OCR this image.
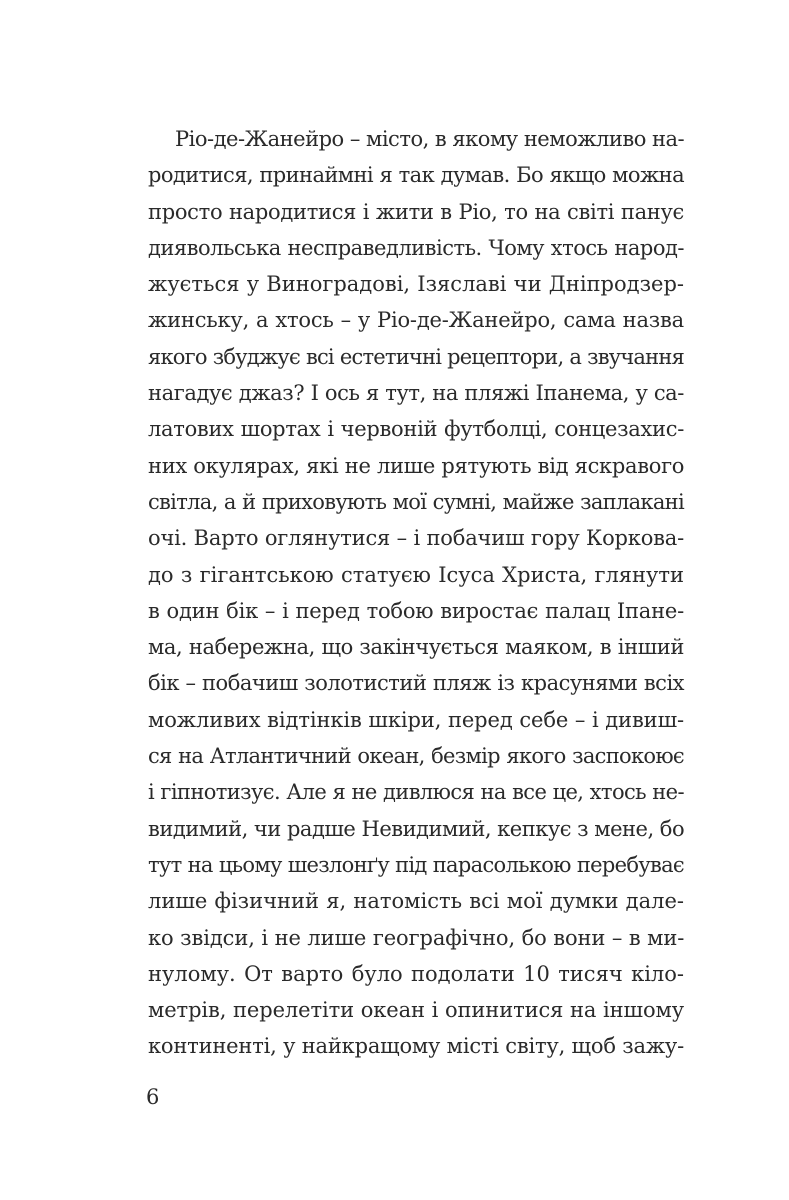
Ріо-де-Жанейро – місто, в якому неможливо на-
родитися, принаймні я так думав. Бо якщо можна
просто народитися і жити в Ріо, то на світі панує
диявольська несправедливість. Чому хтось народ-
жується у Виноградові, Ізяславі чи Дніпродзер-
жинську, а хтось – у Ріо-де-Жанейро, сама назва
якого збуджує всі естетичні рецептори, а звучання
нагадує джаз? І ось я тут, на пляжі Іпанема, у са-
латових шортах і червоній футболці, сонцезахис-
них окулярах, які не лише рятують від яскравого
світла, а й приховують мої сумні, майже заплакані
очі. Варто оглянутися – і побачиш гору Корковa-
до з гігантською статуєю Ісуса Христа, глянути
в один бік – і перед тобою виростає палац Іпане-
ма, набережна, що закінчується маяком, в інший
бік – побачиш золотистий пляж із красунями всіх
можливих відтінків шкіри, перед себе – і дивиш-
ся на Атлантичний океан, безмір якого заспокоює
і гіпнотизує. Але я не дивлюся на все це, хтось не-
видимий, чи радше Невидимий, кепкує з мене, бо
тут на цьому шезлонґу під парасолькою перебуває
лише фізичний я, натомість всі мої думки дале-
ко звідси, і не лише географічно, бо вони – в ми-
нулому. От варто було подолати 10 тисяч кіло-
метрів, перелетіти океан і опинитися на іншому
континенті, у найкращому місті світу, щоб зажу-
6
